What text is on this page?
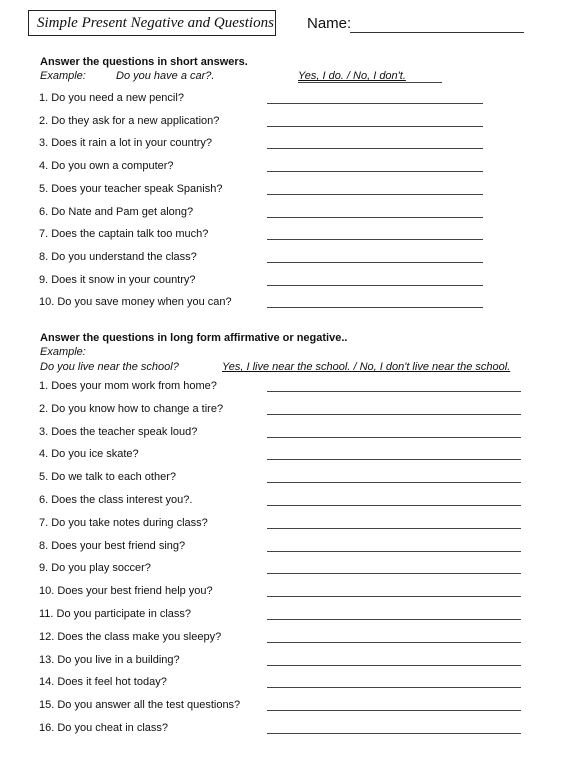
Simple Present Negative and Questions Name:
Answer the questions in short answers.
Example:	Do you have a car?.	Yes, I do. / No, I don't.
1. Do you need a new pencil?
2. Do they ask for a new application?
3. Does it rain a lot in your country?
4. Do you own a computer?
5. Does your teacher speak Spanish?
6. Do Nate and Pam get along?
7. Does the captain talk too much?
8. Do you understand the class?
9. Does it snow in your country?
10. Do you save money when you can?
Answer the questions in long form affirmative or negative..
Example:
Do you live near the school?	Yes, I live near the school. / No, I don't live near the school.
1. Does your mom work from home?
2. Do you know how to change a tire?
3. Does the teacher speak loud?
4. Do you ice skate?
5. Do we talk to each other?
6. Does the class interest you?.
7. Do you take notes during class?
8. Does your best friend sing?
9. Do you play soccer?
10. Does your best friend help you?
11. Do you participate in class?
12. Does the class make you sleepy?
13. Do you live in a building?
14. Does it feel hot today?
15. Do you answer all the test questions?
16. Do you cheat in class?
